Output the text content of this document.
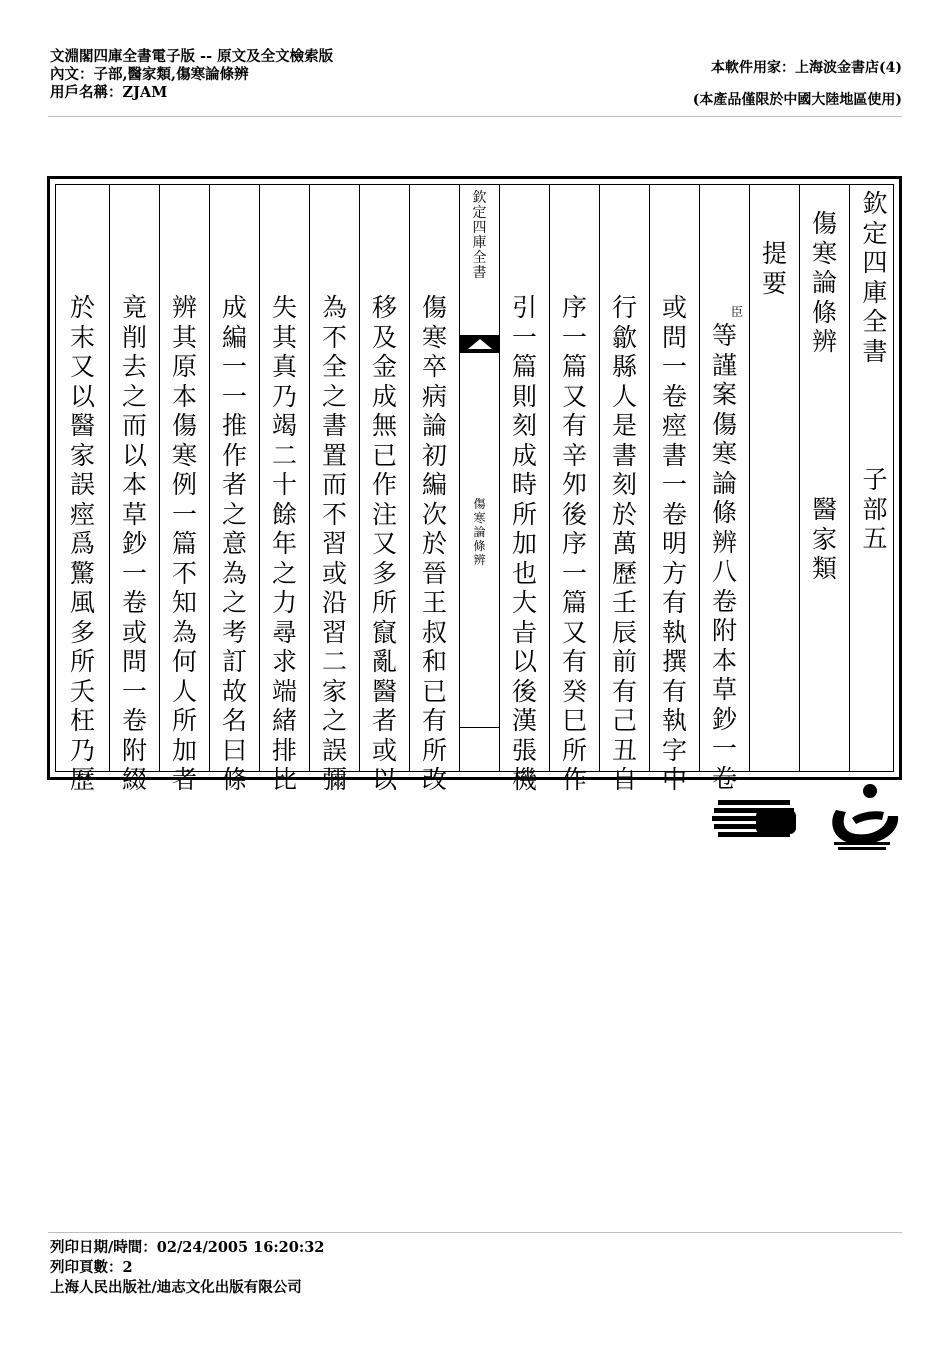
文淵閣四庫全書電子版 -- 原文及全文檢索版
內文：子部,醫家類,傷寒論條辨
用戶名稱：ZJAM
本軟件用家：上海波金書店(4)
(本產品僅限於中國大陸地區使用)
欽定四庫全書
子部五
傷寒論條辨
醫家類
提要
臣
等謹案傷寒論條辨八卷附本草鈔一卷
或問一卷痙書一卷明方有執撰有執字中
行歙縣人是書刻於萬歷壬辰前有己丑自
序一篇又有辛夘後序一篇又有癸巳所作
引一篇則刻成時所加也大㫖以後漢張機
欽定四庫全書
傷寒論條辨
傷寒卒病論初編次於晉王叔和已有所改
移及金成無已作注又多所竄亂醫者或以
為不全之書置而不習或沿習二家之誤彌
失其真乃竭二十餘年之力尋求端緒排比
成編一一推作者之意為之考訂故名曰條
辨其原本傷寒例一篇不知為何人所加者
竟削去之而以本草鈔一卷或問一卷附綴
於末又以醫家誤痙爲驚風多所夭枉乃歷
列印日期/時間：02/24/2005 16:20:32
列印頁數：2
上海人民出版社/迪志文化出版有限公司
